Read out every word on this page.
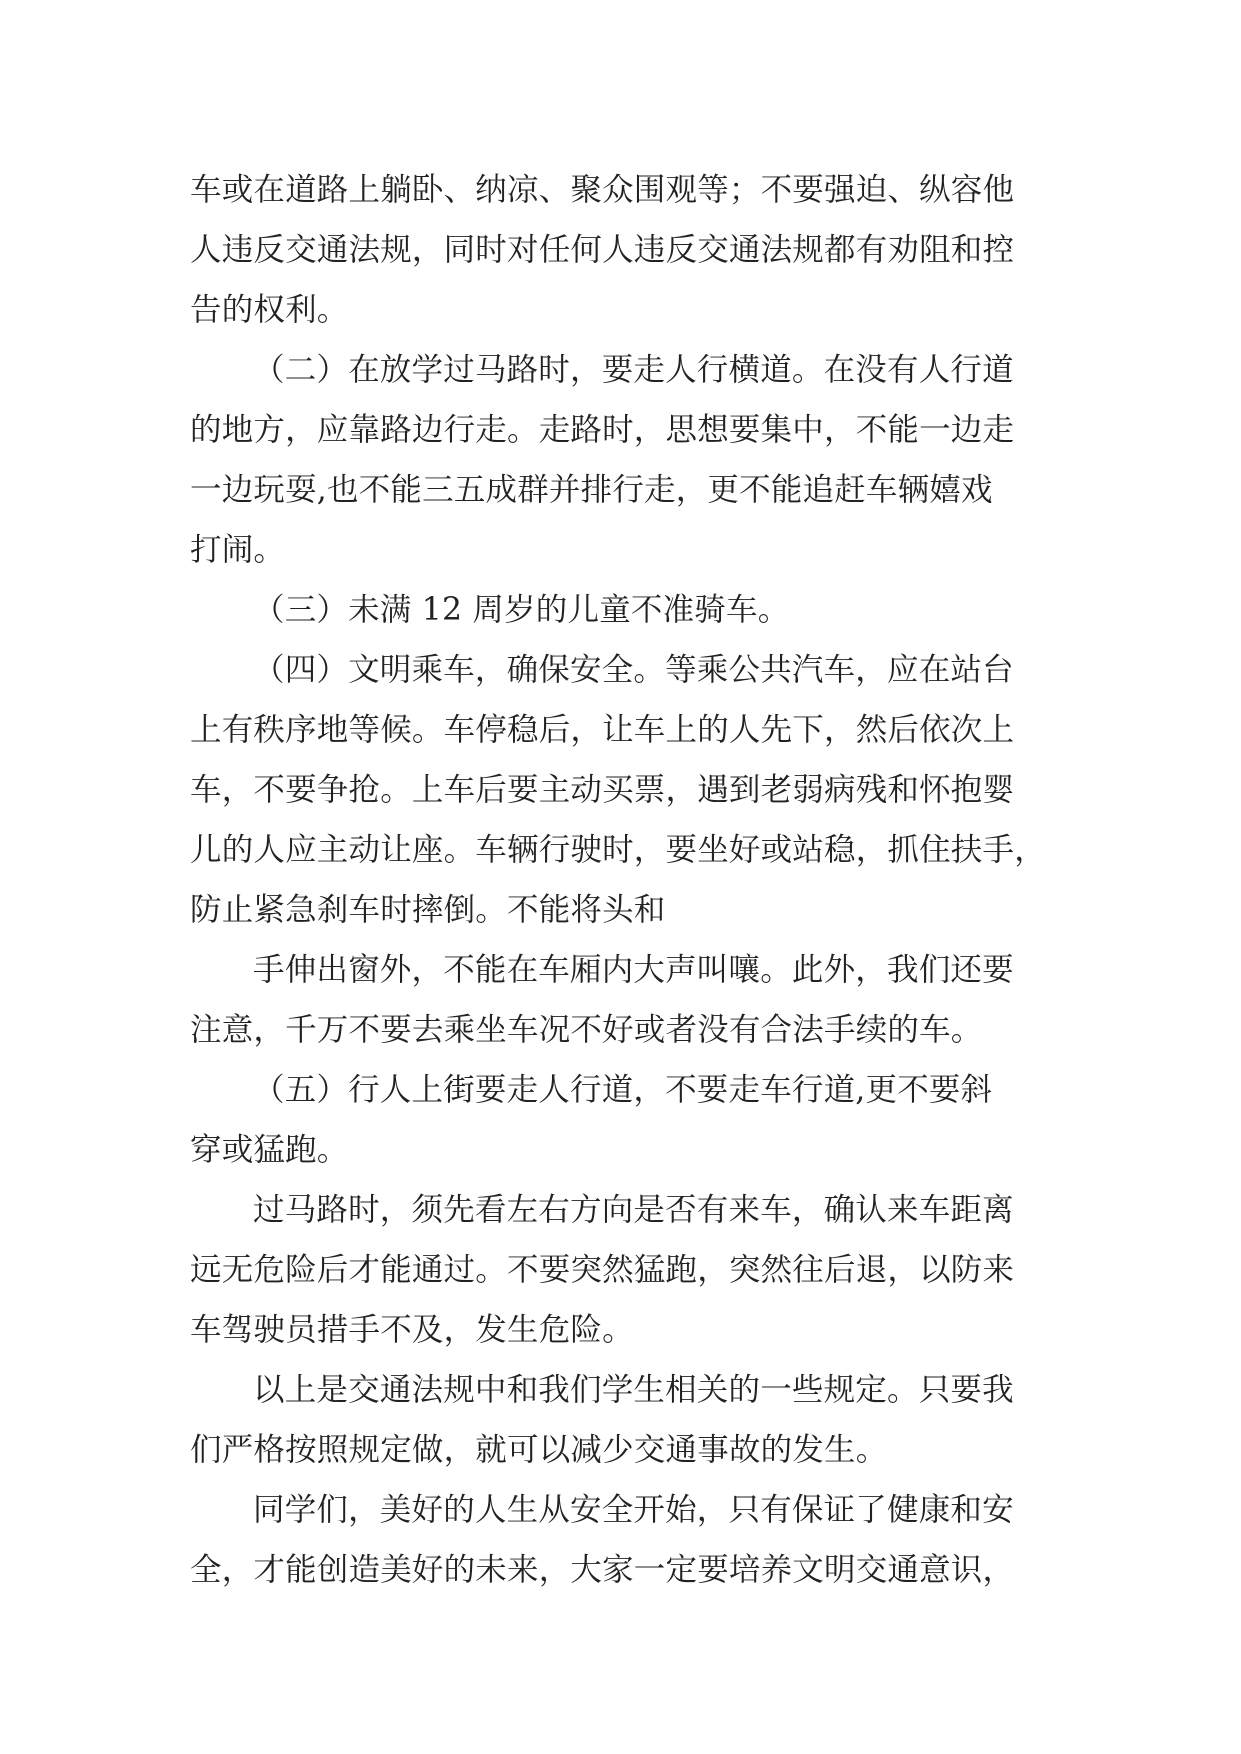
车或在道路上躺卧、纳凉、聚众围观等；不要强迫、纵容他
人违反交通法规，同时对任何人违反交通法规都有劝阻和控
告的权利。
（二）在放学过马路时，要走人行横道。在没有人行道
的地方，应靠路边行走。走路时，思想要集中，不能一边走
一边玩耍,也不能三五成群并排行走，更不能追赶车辆嬉戏
打闹。
（三）未满 12 周岁的儿童不准骑车。
（四）文明乘车，确保安全。等乘公共汽车，应在站台
上有秩序地等候。车停稳后，让车上的人先下，然后依次上
车，不要争抢。上车后要主动买票，遇到老弱病残和怀抱婴
儿的人应主动让座。车辆行驶时，要坐好或站稳，抓住扶手，
防止紧急刹车时摔倒。不能将头和
手伸出窗外，不能在车厢内大声叫嚷。此外，我们还要
注意，千万不要去乘坐车况不好或者没有合法手续的车。
（五）行人上街要走人行道，不要走车行道,更不要斜
穿或猛跑。
过马路时，须先看左右方向是否有来车，确认来车距离
远无危险后才能通过。不要突然猛跑，突然往后退，以防来
车驾驶员措手不及，发生危险。
以上是交通法规中和我们学生相关的一些规定。只要我
们严格按照规定做，就可以减少交通事故的发生。
同学们，美好的人生从安全开始，只有保证了健康和安
全，才能创造美好的未来，大家一定要培养文明交通意识，
